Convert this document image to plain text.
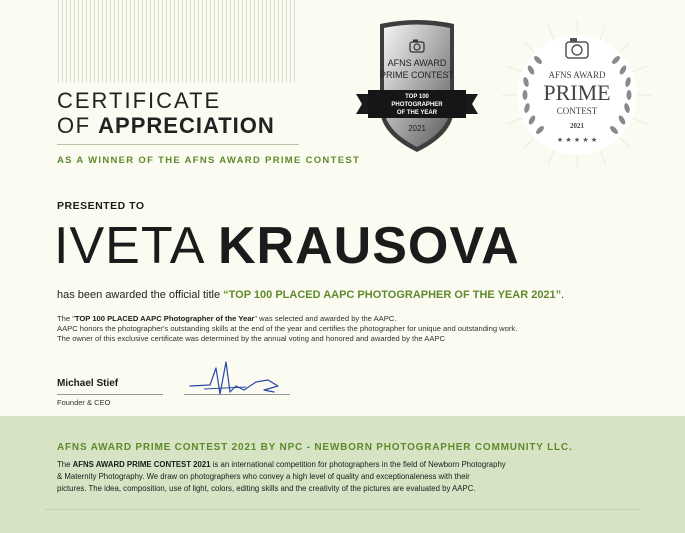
CERTIFICATE
OF APPRECIATION
AS A WINNER OF THE AFNS AWARD PRIME CONTEST
AFNS AWARD
PRIME CONTEST
TOP 100
PHOTOGRAPHER
OF THE YEAR
2021
AFNS AWARD
PRIME
CONTEST
2021
★ ★ ★ ★ ★
PRESENTED TO
IVETA KRAUSOVA
has been awarded the official title “TOP 100 PLACED AAPC PHOTOGRAPHER OF THE YEAR 2021”.
The "TOP 100 PLACED AAPC Photographer of the Year" was selected and awarded by the AAPC.
AAPC honors the photographer's outstanding skills at the end of the year and certifies the photographer for unique and outstanding work.
The owner of this exclusive certificate was determined by the annual voting and honored and awarded by the AAPC
Michael Stief
Founder & CEO
AFNS AWARD PRIME CONTEST 2021 BY NPC - NEWBORN PHOTOGRAPHER COMMUNITY LLC.
The AFNS AWARD PRIME CONTEST 2021 is an international competition for photographers in the field of Newborn Photography
& Maternity Photography. We draw on photographers who convey a high level of quality and exceptionaleness with their
pictures. The idea, composition, use of light, colors, editing skills and the creativity of the pictures are evaluated by AAPC.
